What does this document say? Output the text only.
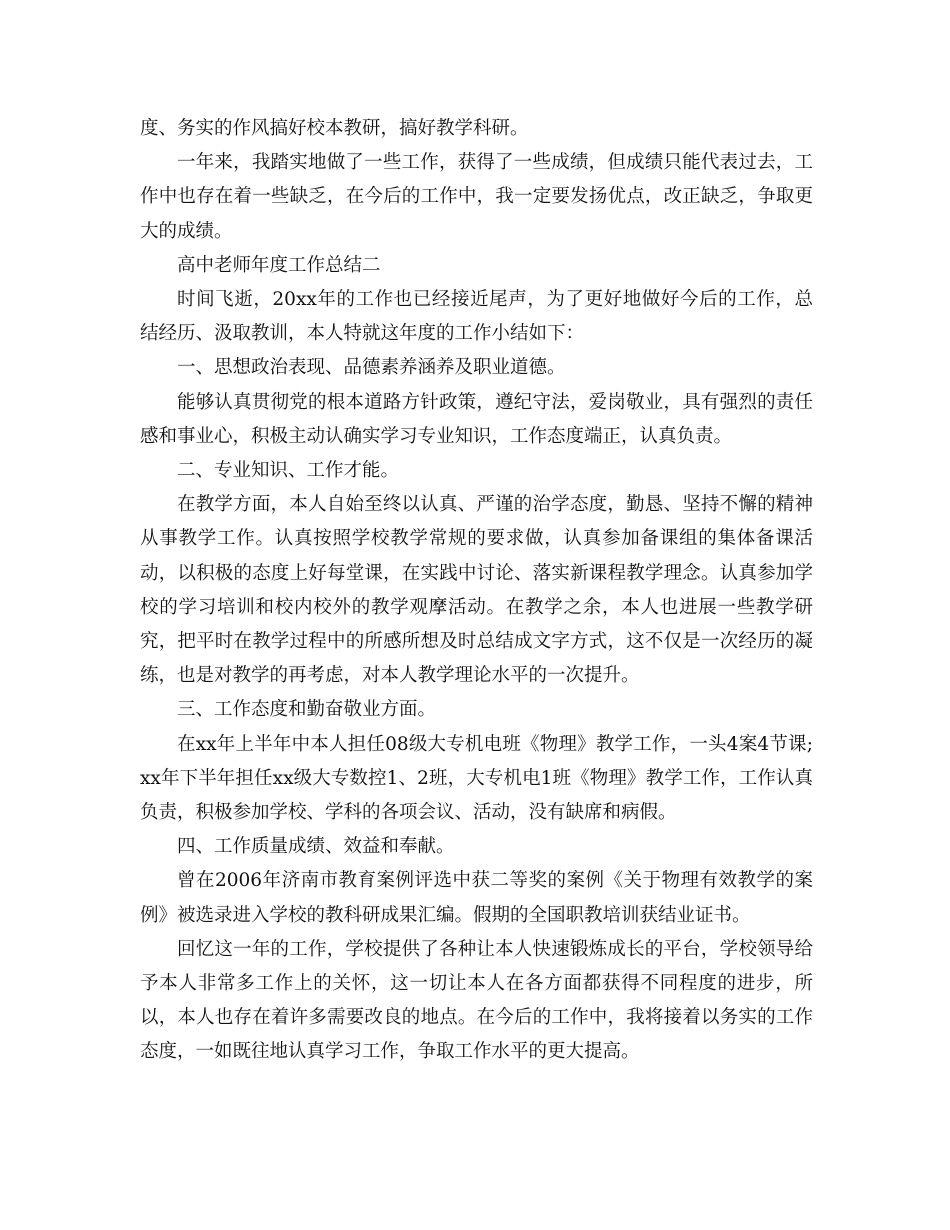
度、务实的作风搞好校本教研，搞好教学科研。

一年来，我踏实地做了一些工作，获得了一些成绩，但成绩只能代表过去，工作中也存在着一些缺乏，在今后的工作中，我一定要发扬优点，改正缺乏，争取更大的成绩。

高中老师年度工作总结二

时间飞逝，20xx年的工作也已经接近尾声，为了更好地做好今后的工作，总结经历、汲取教训，本人特就这年度的工作小结如下：

一、思想政治表现、品德素养涵养及职业道德。

能够认真贯彻党的根本道路方针政策，遵纪守法，爱岗敬业，具有强烈的责任感和事业心，积极主动认确实学习专业知识，工作态度端正，认真负责。

二、专业知识、工作才能。

在教学方面，本人自始至终以认真、严谨的治学态度，勤恳、坚持不懈的精神从事教学工作。认真按照学校教学常规的要求做，认真参加备课组的集体备课活动，以积极的态度上好每堂课，在实践中讨论、落实新课程教学理念。认真参加学校的学习培训和校内校外的教学观摩活动。在教学之余，本人也进展一些教学研究，把平时在教学过程中的所感所想及时总结成文字方式，这不仅是一次经历的凝练，也是对教学的再考虑，对本人教学理论水平的一次提升。

三、工作态度和勤奋敬业方面。

在xx年上半年中本人担任08级大专机电班《物理》教学工作，一头4案4节课;xx年下半年担任xx级大专数控1、2班，大专机电1班《物理》教学工作，工作认真负责，积极参加学校、学科的各项会议、活动，没有缺席和病假。

四、工作质量成绩、效益和奉献。

曾在2006年济南市教育案例评选中获二等奖的案例《关于物理有效教学的案例》被选录进入学校的教科研成果汇编。假期的全国职教培训获结业证书。

回忆这一年的工作，学校提供了各种让本人快速锻炼成长的平台，学校领导给予本人非常多工作上的关怀，这一切让本人在各方面都获得不同程度的进步，所以，本人也存在着许多需要改良的地点。在今后的工作中，我将接着以务实的工作态度，一如既往地认真学习工作，争取工作水平的更大提高。
